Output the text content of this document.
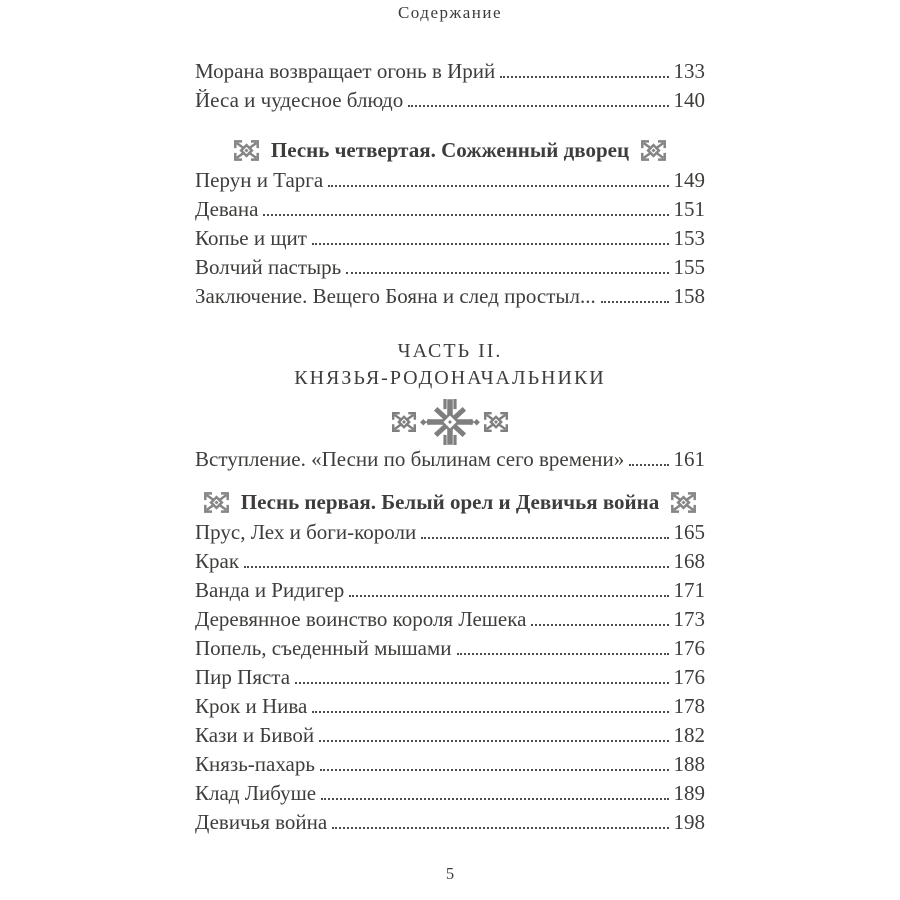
Содержание
Морана возвращает огонь в Ирий	133
Йеса и чудесное блюдо	140
Песнь четвертая. Сожженный дворец
Перун и Тарга	149
Девана	151
Копье и щит	153
Волчий пастырь	155
Заключение. Вещего Бояна и след простыл...	158
ЧАСТЬ II.
КНЯЗЬЯ-РОДОНАЧАЛЬНИКИ
Вступление. «Песни по былинам сего времени» 161
Песнь первая. Белый орел и Девичья война
Прус, Лех и боги-короли	165
Крак	168
Ванда и Ридигер	171
Деревянное воинство короля Лешека	173
Попель, съеденный мышами	176
Пир Пяста	176
Крок и Нива	178
Кази и Бивой	182
Князь-пахарь	188
Клад Либуше	189
Девичья война	198
5
